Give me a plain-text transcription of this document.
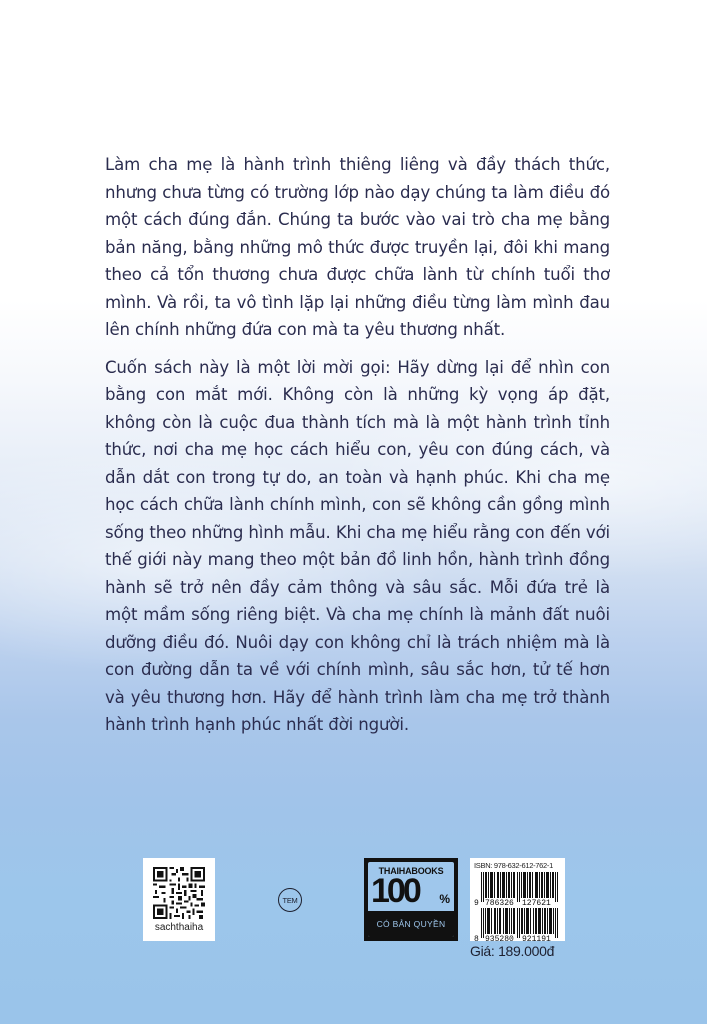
Làm cha mẹ là hành trình thiêng liêng và đầy thách thức, nhưng chưa từng có trường lớp nào dạy chúng ta làm điều đó một cách đúng đắn. Chúng ta bước vào vai trò cha mẹ bằng bản năng, bằng những mô thức được truyền lại, đôi khi mang theo cả tổn thương chưa được chữa lành từ chính tuổi thơ mình. Và rồi, ta vô tình lặp lại những điều từng làm mình đau lên chính những đứa con mà ta yêu thương nhất.

Cuốn sách này là một lời mời gọi: Hãy dừng lại để nhìn con bằng con mắt mới. Không còn là những kỳ vọng áp đặt, không còn là cuộc đua thành tích mà là một hành trình tỉnh thức, nơi cha mẹ học cách hiểu con, yêu con đúng cách, và dẫn dắt con trong tự do, an toàn và hạnh phúc. Khi cha mẹ học cách chữa lành chính mình, con sẽ không cần gồng mình sống theo những hình mẫu. Khi cha mẹ hiểu rằng con đến với thế giới này mang theo một bản đồ linh hồn, hành trình đồng hành sẽ trở nên đầy cảm thông và sâu sắc. Mỗi đứa trẻ là một mầm sống riêng biệt. Và cha mẹ chính là mảnh đất nuôi dưỡng điều đó. Nuôi dạy con không chỉ là trách nhiệm mà là con đường dẫn ta về với chính mình, sâu sắc hơn, tử tế hơn và yêu thương hơn. Hãy để hành trình làm cha mẹ trở thành hành trình hạnh phúc nhất đời người.

sachthaiha
TEM
THAIHABOOKS
100 %
CÓ BẢN QUYỀN
ISBN: 978-632-612-762-1
9 786326 127621
8 935280 921191
Giá: 189.000đ
